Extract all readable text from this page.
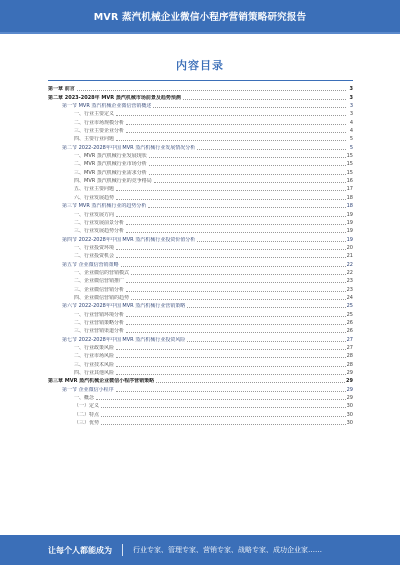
MVR 蒸汽机械企业微信小程序营销策略研究报告
内容目录
第一章 前言	3
第二章 2023-2028年 MVR 蒸汽机械市场前景及趋势预测	3
第一节 MVR 蒸汽机械企业微信营销概述	3
一、行业主要定义	3
二、行业市场规模分析	4
三、行业主要企业分析	4
四、主要行业问题	5
第二节 2022-2028年中国 MVR 蒸汽机械行业发展情况分析	5
一、MVR 蒸汽机械行业发展现状	15
二、MVR 蒸汽机械行业市场分析	15
三、MVR 蒸汽机械行业需求分析	15
四、MVR 蒸汽机械行业的竞争格局	16
五、行业主要问题	17
六、行业发展趋势	18
第三节 MVR 蒸汽机械行业的趋势分析	18
一、行业发展方向	19
二、行业发展前景分析	19
三、行业发展趋势分析	19
第四节 2022-2028年中国 MVR 蒸汽机械行业投资价值分析	19
一、行业投资环境	20
二、行业投资机会	21
第五节 企业微信营销策略	22
一、企业微信的营销模式	22
二、企业微信营销推广	23
三、企业微信营销分析	23
四、企业微信营销的趋势	24
第六节 2022-2028年中国 MVR 蒸汽机械行业营销策略	25
一、行业营销环境分析	25
二、行业营销策略分析	26
三、行业营销渠道分析	26
第七节 2022-2028年中国 MVR 蒸汽机械行业投资风险	27
一、行业政策风险	27
二、行业市场风险	28
三、行业技术风险	28
四、行业其他风险	29
第三章 MVR 蒸汽机械企业微信小程序营销策略	29
第一节 企业微信小程序	29
一、概念	29
（一）定义	30
（二）特点	30
（三）优势	30
让每个人都能成为	行业专家、管理专家、营销专家、战略专家、成功企业家……
